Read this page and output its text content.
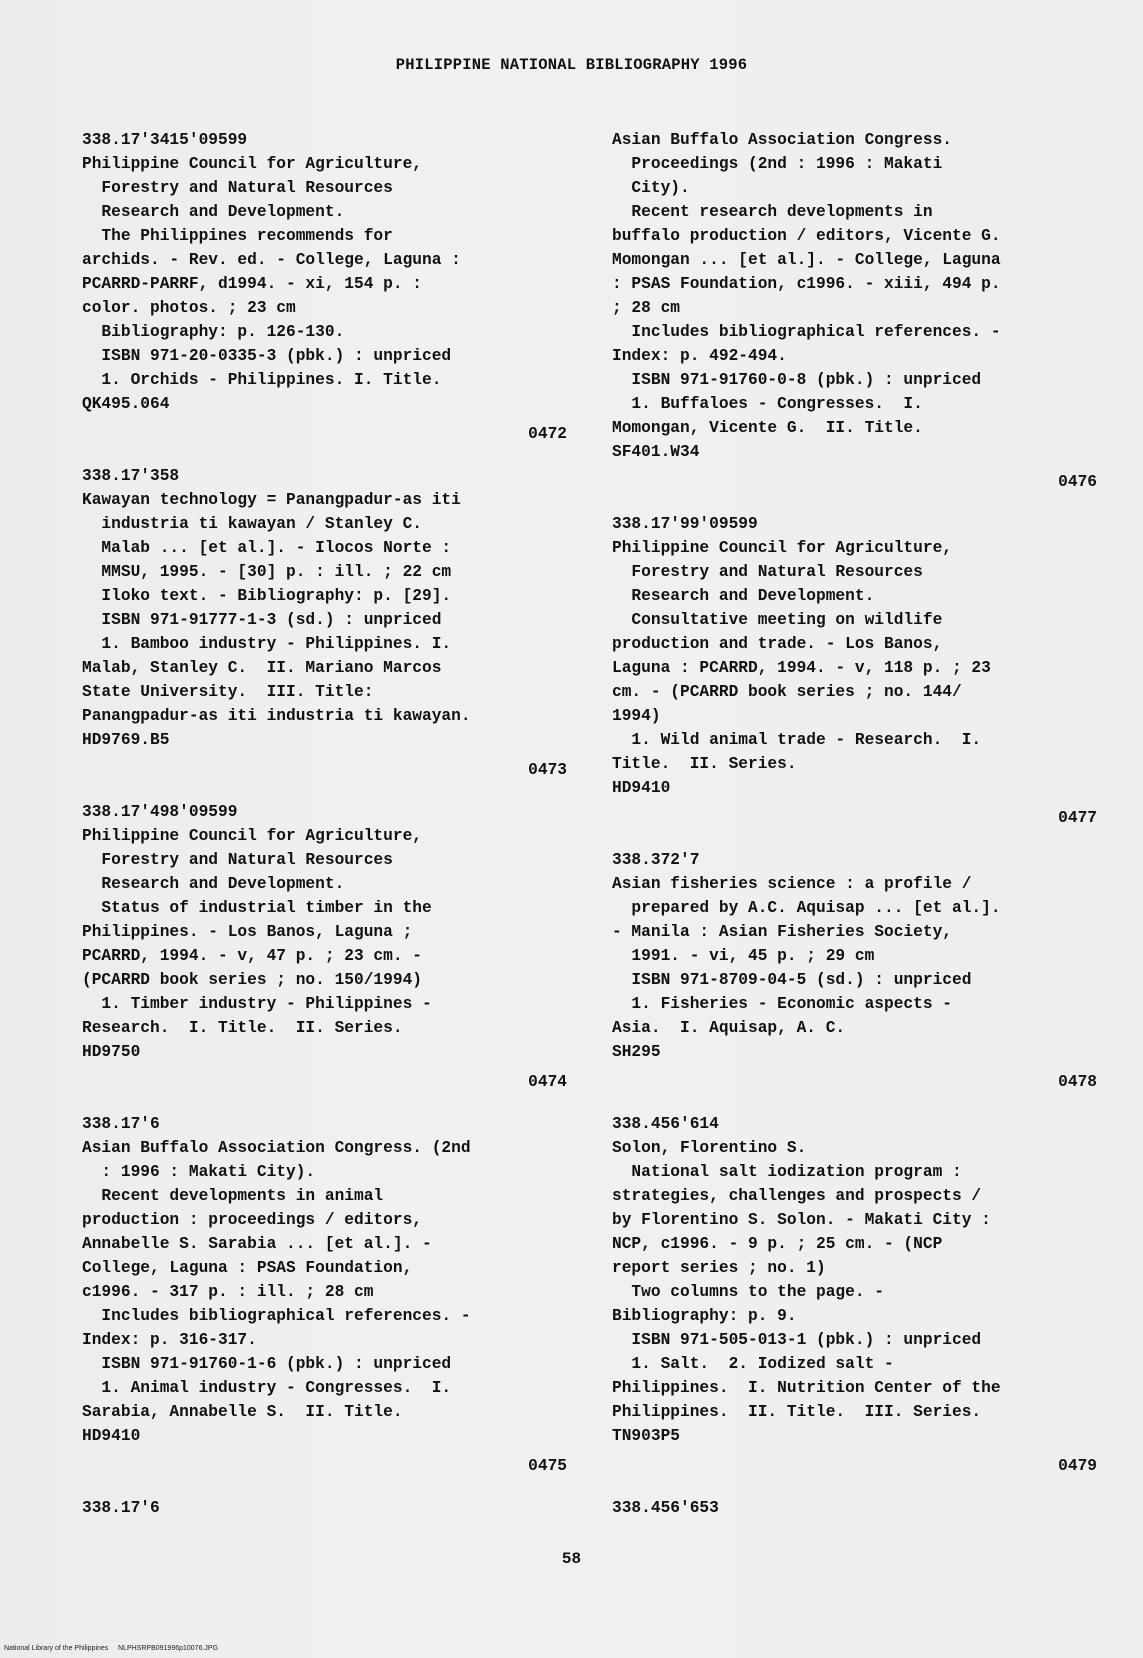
PHILIPPINE NATIONAL BIBLIOGRAPHY 1996
338.17'3415'09599
Philippine Council for Agriculture,
Forestry and Natural Resources
Research and Development.
The Philippines recommends for
archids. - Rev. ed. - College, Laguna :
PCARRD-PARRF, d1994. - xi, 154 p. :
color. photos. ; 23 cm
Bibliography: p. 126-130.
ISBN 971-20-0335-3 (pbk.) : unpriced
1. Orchids - Philippines. I. Title.
QK495.064
0472
338.17'358
Kawayan technology = Panangpadur-as iti
industria ti kawayan / Stanley C.
Malab ... [et al.]. - Ilocos Norte :
MMSU, 1995. - [30] p. : ill. ; 22 cm
Iloko text. - Bibliography: p. [29].
ISBN 971-91777-1-3 (sd.) : unpriced
1. Bamboo industry - Philippines. I.
Malab, Stanley C.  II. Mariano Marcos
State University.  III. Title:
Panangpadur-as iti industria ti kawayan.
HD9769.B5
0473
338.17'498'09599
Philippine Council for Agriculture,
Forestry and Natural Resources
Research and Development.
Status of industrial timber in the
Philippines. - Los Banos, Laguna ;
PCARRD, 1994. - v, 47 p. ; 23 cm. -
(PCARRD book series ; no. 150/1994)
1. Timber industry - Philippines -
Research.  I. Title.  II. Series.
HD9750
0474
338.17'6
Asian Buffalo Association Congress. (2nd
: 1996 : Makati City).
Recent developments in animal
production : proceedings / editors,
Annabelle S. Sarabia ... [et al.]. -
College, Laguna : PSAS Foundation,
c1996. - 317 p. : ill. ; 28 cm
Includes bibliographical references. -
Index: p. 316-317.
ISBN 971-91760-1-6 (pbk.) : unpriced
1. Animal industry - Congresses.  I.
Sarabia, Annabelle S.  II. Title.
HD9410
0475
338.17'6
Asian Buffalo Association Congress.
Proceedings (2nd : 1996 : Makati
City).
Recent research developments in
buffalo production / editors, Vicente G.
Momongan ... [et al.]. - College, Laguna
: PSAS Foundation, c1996. - xiii, 494 p.
; 28 cm
Includes bibliographical references. -
Index: p. 492-494.
ISBN 971-91760-0-8 (pbk.) : unpriced
1. Buffaloes - Congresses.  I.
Momongan, Vicente G.  II. Title.
SF401.W34
0476
338.17'99'09599
Philippine Council for Agriculture,
Forestry and Natural Resources
Research and Development.
Consultative meeting on wildlife
production and trade. - Los Banos,
Laguna : PCARRD, 1994. - v, 118 p. ; 23
cm. - (PCARRD book series ; no. 144/
1994)
1. Wild animal trade - Research.  I.
Title.  II. Series.
HD9410
0477
338.372'7
Asian fisheries science : a profile /
prepared by A.C. Aquisap ... [et al.].
- Manila : Asian Fisheries Society,
1991. - vi, 45 p. ; 29 cm
ISBN 971-8709-04-5 (sd.) : unpriced
1. Fisheries - Economic aspects -
Asia.  I. Aquisap, A. C.
SH295
0478
338.456'614
Solon, Florentino S.
National salt iodization program :
strategies, challenges and prospects /
by Florentino S. Solon. - Makati City :
NCP, c1996. - 9 p. ; 25 cm. - (NCP
report series ; no. 1)
Two columns to the page. -
Bibliography: p. 9.
ISBN 971-505-013-1 (pbk.) : unpriced
1. Salt.  2. Iodized salt -
Philippines.  I. Nutrition Center of the
Philippines.  II. Title.  III. Series.
TN903P5
0479
338.456'653
58
National Library of the Philippines     NLPHSRPB091996p10076.JPG
